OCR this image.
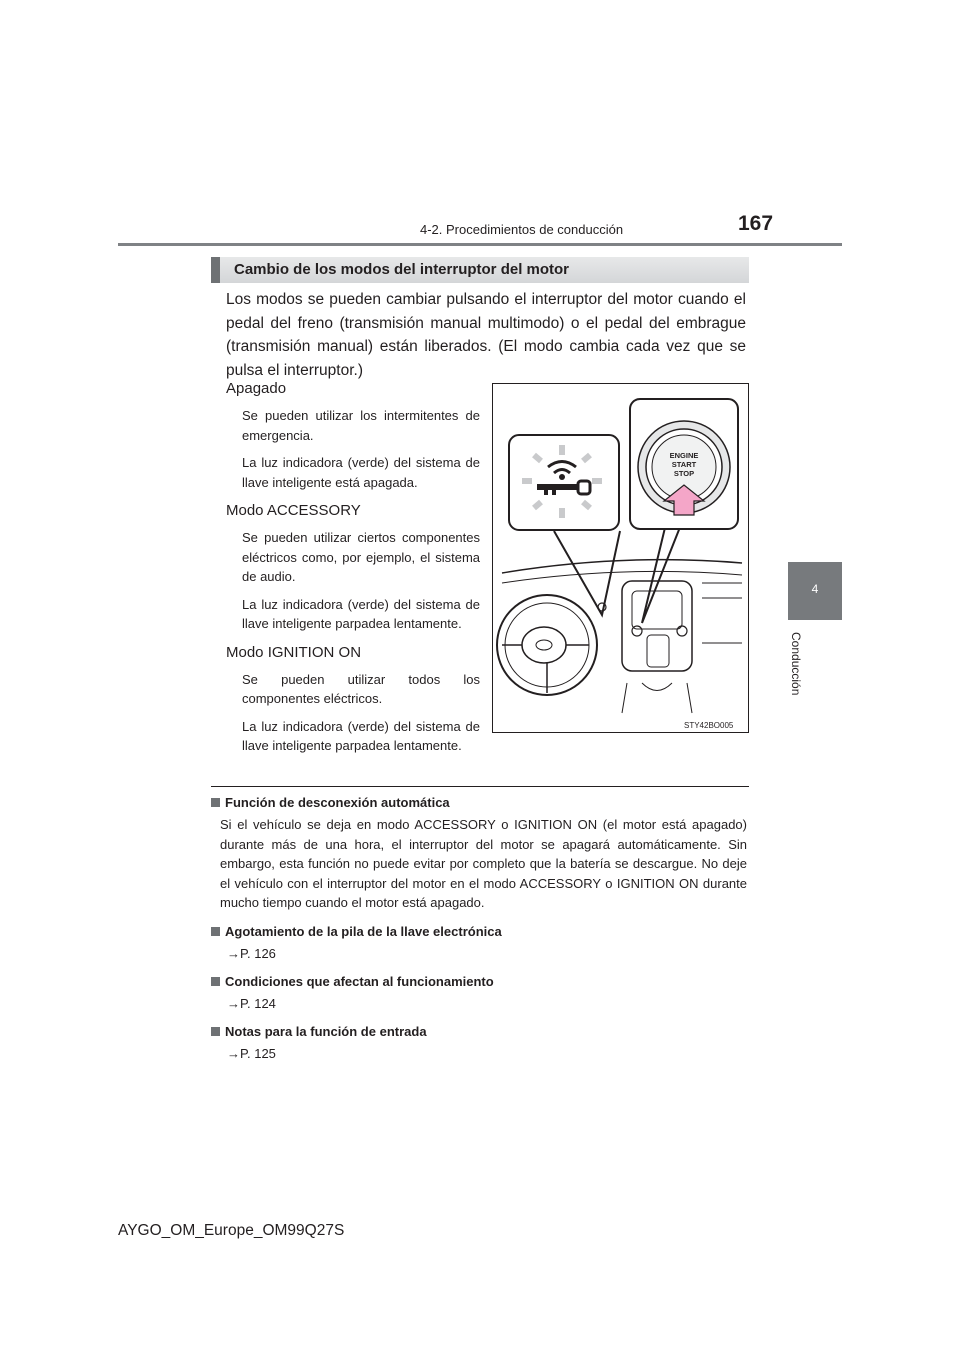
4-2. Procedimientos de conducción	167
4
Conducción
Cambio de los modos del interruptor del motor

Los modos se pueden cambiar pulsando el interruptor del motor cuando el pedal del freno (transmisión manual multimodo) o el pedal del embrague (transmisión manual) están liberados. (El modo cambia cada vez que se pulsa el interruptor.)

Apagado

Se pueden utilizar los intermitentes de emergencia.

La luz indicadora (verde) del sistema de llave inteligente está apagada.

Modo ACCESSORY

Se pueden utilizar ciertos componentes eléctricos como, por ejemplo, el sistema de audio.

La luz indicadora (verde) del sistema de llave inteligente parpadea lentamente.

Modo IGNITION ON

Se pueden utilizar todos los componentes eléctricos.

La luz indicadora (verde) del sistema de llave inteligente parpadea lentamente.

ENGINE
START
STOP
STY42BO005

Función de desconexión automática

Si el vehículo se deja en modo ACCESSORY o IGNITION ON (el motor está apagado) durante más de una hora, el interruptor del motor se apagará automáticamente. Sin embargo, esta función no puede evitar por completo que la batería se descargue. No deje el vehículo con el interruptor del motor en el modo ACCESSORY o IGNITION ON durante mucho tiempo cuando el motor está apagado.

Agotamiento de la pila de la llave electrónica

→P. 126

Condiciones que afectan al funcionamiento

→P. 124

Notas para la función de entrada

→P. 125

AYGO_OM_Europe_OM99Q27S
